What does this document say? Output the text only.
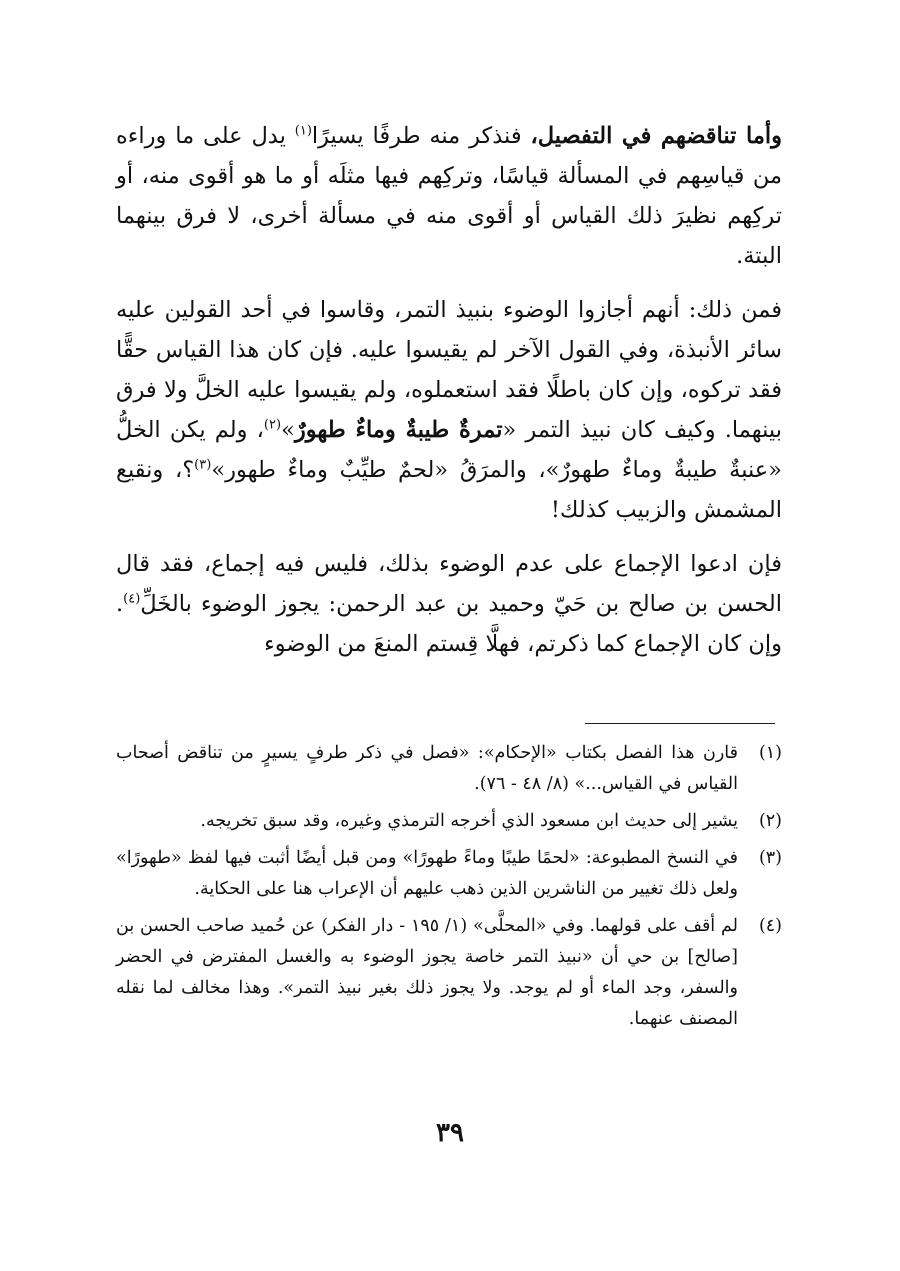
وأما تناقضهم في التفصيل، فنذكر منه طرفًا يسيرًا$^{(١)}$ يدل على ما وراءه من قياسِهم في المسألة قياسًا، وتركِهم فيها مثلَه أو ما هو أقوى منه، أو تركِهم نظيرَ ذلك القياس أو أقوى منه في مسألة أخرى، لا فرق بينهما البتة.

فمن ذلك: أنهم أجازوا الوضوء بنبيذ التمر، وقاسوا في أحد القولين عليه سائر الأنبذة، وفي القول الآخر لم يقيسوا عليه. فإن كان هذا القياس حقًّا فقد تركوه، وإن كان باطلًا فقد استعملوه، ولم يقيسوا عليه الخلَّ ولا فرق بينهما. وكيف كان نبيذ التمر «تمرةٌ طيبةٌ وماءٌ طهورٌ»$^{(٢)}$، ولم يكن الخلُّ «عنبةٌ طيبةٌ وماءٌ طهورٌ»، والمرَقُ «لحمٌ طيِّبٌ وماءٌ طهور»$^{(٣)}$؟، ونقيع المشمش والزبيب كذلك!

فإن ادعوا الإجماع على عدم الوضوء بذلك، فليس فيه إجماع، فقد قال الحسن بن صالح بن حَيّ وحميد بن عبد الرحمن: يجوز الوضوء بالخَلِّ$^{(٤)}$. وإن كان الإجماع كما ذكرتم، فهلَّا قِستم المنعَ من الوضوء

(١)
قارن هذا الفصل بكتاب «الإحكام»: «فصل في ذكر طرفٍ يسيرٍ من تناقض أصحاب القياس في القياس...» (٨/ ٤٨ - ٧٦).
(٢)
يشير إلى حديث ابن مسعود الذي أخرجه الترمذي وغيره، وقد سبق تخريجه.
(٣)
في النسخ المطبوعة: «لحمًا طيبًا وماءً طهورًا» ومن قبل أيضًا أثبت فيها لفظ «طهورًا» ولعل ذلك تغيير من الناشرين الذين ذهب عليهم أن الإعراب هنا على الحكاية.
(٤)
لم أقف على قولهما. وفي «المحلَّى» (١/ ١٩٥ - دار الفكر) عن حُميد صاحب الحسن بن [صالح] بن حي أن «نبيذ التمر خاصة يجوز الوضوء به والغسل المفترض في الحضر والسفر، وجد الماء أو لم يوجد. ولا يجوز ذلك بغير نبيذ التمر». وهذا مخالف لما نقله المصنف عنهما.
٣٩
